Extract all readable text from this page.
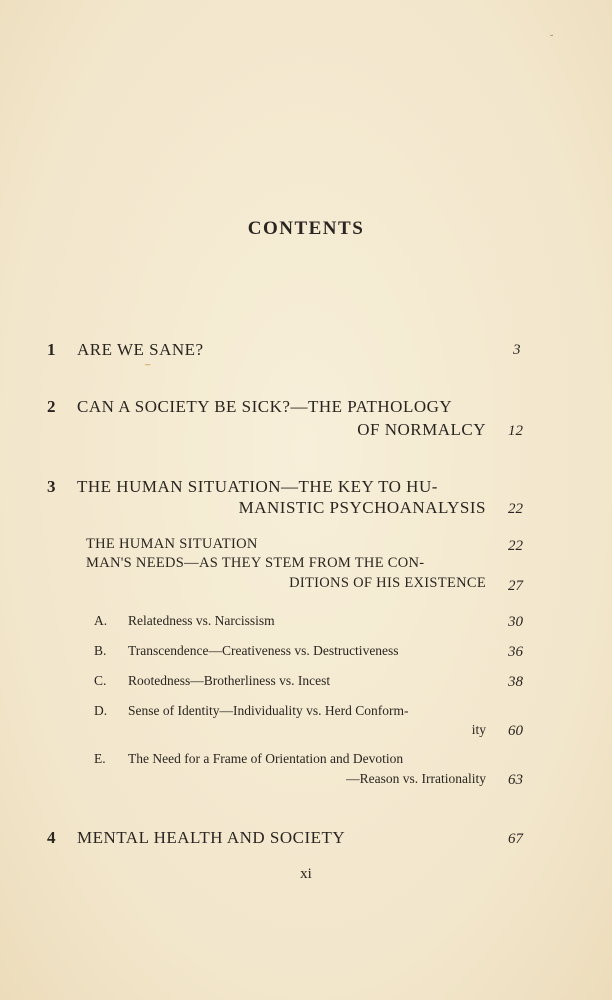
CONTENTS
1 ARE WE SANE?	3
2 CAN A SOCIETY BE SICK?—THE PATHOLOGY
OF NORMALCY 12
3 THE HUMAN SITUATION—THE KEY TO HU-
MANISTIC PSYCHOANALYSIS 22
THE HUMAN SITUATION	22
MAN'S NEEDS—AS THEY STEM FROM THE CON-
DITIONS OF HIS EXISTENCE 27
A. Relatedness vs. Narcissism	30
B. Transcendence—Creativeness vs. Destructiveness	36
C. Rootedness—Brotherliness vs. Incest	38
D. Sense of Identity—Individuality vs. Herd Conform-
ity 60
E. The Need for a Frame of Orientation and Devotion
—Reason vs. Irrationality 63
4 MENTAL HEALTH AND SOCIETY	67
xi
˘
⁻
